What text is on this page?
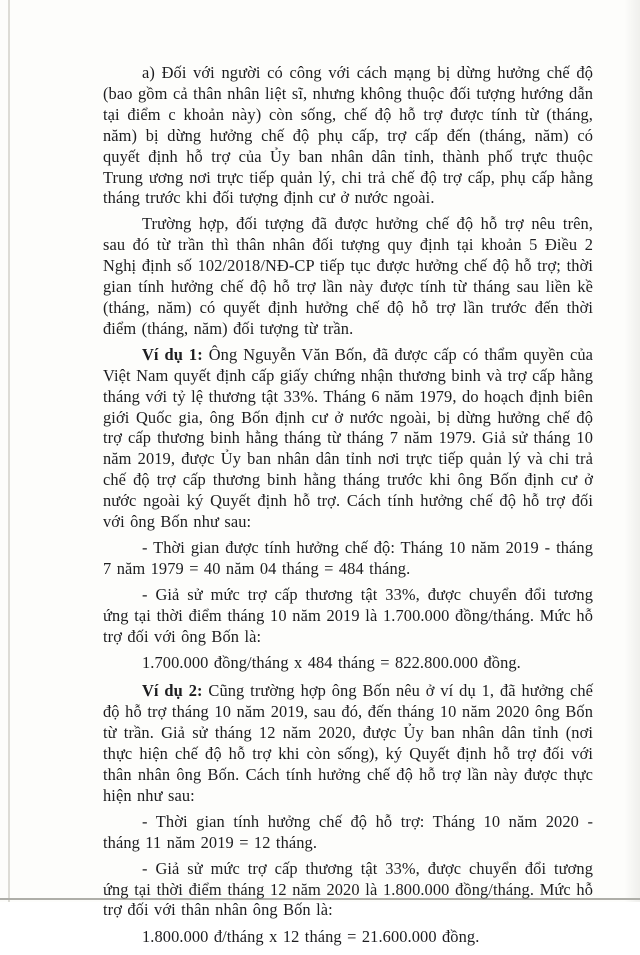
a) Đối với người có công với cách mạng bị dừng hưởng chế độ (bao gồm cả thân nhân liệt sĩ, nhưng không thuộc đối tượng hướng dẫn tại điểm c khoản này) còn sống, chế độ hỗ trợ được tính từ (tháng, năm) bị dừng hưởng chế độ phụ cấp, trợ cấp đến (tháng, năm) có quyết định hỗ trợ của Ủy ban nhân dân tỉnh, thành phố trực thuộc Trung ương nơi trực tiếp quản lý, chi trả chế độ trợ cấp, phụ cấp hằng tháng trước khi đối tượng định cư ở nước ngoài.

Trường hợp, đối tượng đã được hưởng chế độ hỗ trợ nêu trên, sau đó từ trần thì thân nhân đối tượng quy định tại khoản 5 Điều 2 Nghị định số 102/2018/NĐ-CP tiếp tục được hưởng chế độ hỗ trợ; thời gian tính hưởng chế độ hỗ trợ lần này được tính từ tháng sau liền kề (tháng, năm) có quyết định hưởng chế độ hỗ trợ lần trước đến thời điểm (tháng, năm) đối tượng từ trần.

Ví dụ 1: Ông Nguyễn Văn Bốn, đã được cấp có thẩm quyền của Việt Nam quyết định cấp giấy chứng nhận thương binh và trợ cấp hằng tháng với tỷ lệ thương tật 33%. Tháng 6 năm 1979, do hoạch định biên giới Quốc gia, ông Bốn định cư ở nước ngoài, bị dừng hưởng chế độ trợ cấp thương binh hằng tháng từ tháng 7 năm 1979. Giả sử tháng 10 năm 2019, được Ủy ban nhân dân tỉnh nơi trực tiếp quản lý và chi trả chế độ trợ cấp thương binh hằng tháng trước khi ông Bốn định cư ở nước ngoài ký Quyết định hỗ trợ. Cách tính hưởng chế độ hỗ trợ đối với ông Bốn như sau:

- Thời gian được tính hưởng chế độ: Tháng 10 năm 2019 - tháng 7 năm 1979 = 40 năm 04 tháng = 484 tháng.

- Giả sử mức trợ cấp thương tật 33%, được chuyển đổi tương ứng tại thời điểm tháng 10 năm 2019 là 1.700.000 đồng/tháng. Mức hỗ trợ đối với ông Bốn là:

1.700.000 đồng/tháng x 484 tháng = 822.800.000 đồng.

Ví dụ 2: Cũng trường hợp ông Bốn nêu ở ví dụ 1, đã hưởng chế độ hỗ trợ tháng 10 năm 2019, sau đó, đến tháng 10 năm 2020 ông Bốn từ trần. Giả sử tháng 12 năm 2020, được Ủy ban nhân dân tỉnh (nơi thực hiện chế độ hỗ trợ khi còn sống), ký Quyết định hỗ trợ đối với thân nhân ông Bốn. Cách tính hưởng chế độ hỗ trợ lần này được thực hiện như sau:

- Thời gian tính hưởng chế độ hỗ trợ: Tháng 10 năm 2020 - tháng 11 năm 2019 = 12 tháng.

- Giả sử mức trợ cấp thương tật 33%, được chuyển đổi tương ứng tại thời điểm tháng 12 năm 2020 là 1.800.000 đồng/tháng. Mức hỗ trợ đối với thân nhân ông Bốn là:

1.800.000 đ/tháng x 12 tháng = 21.600.000 đồng.
